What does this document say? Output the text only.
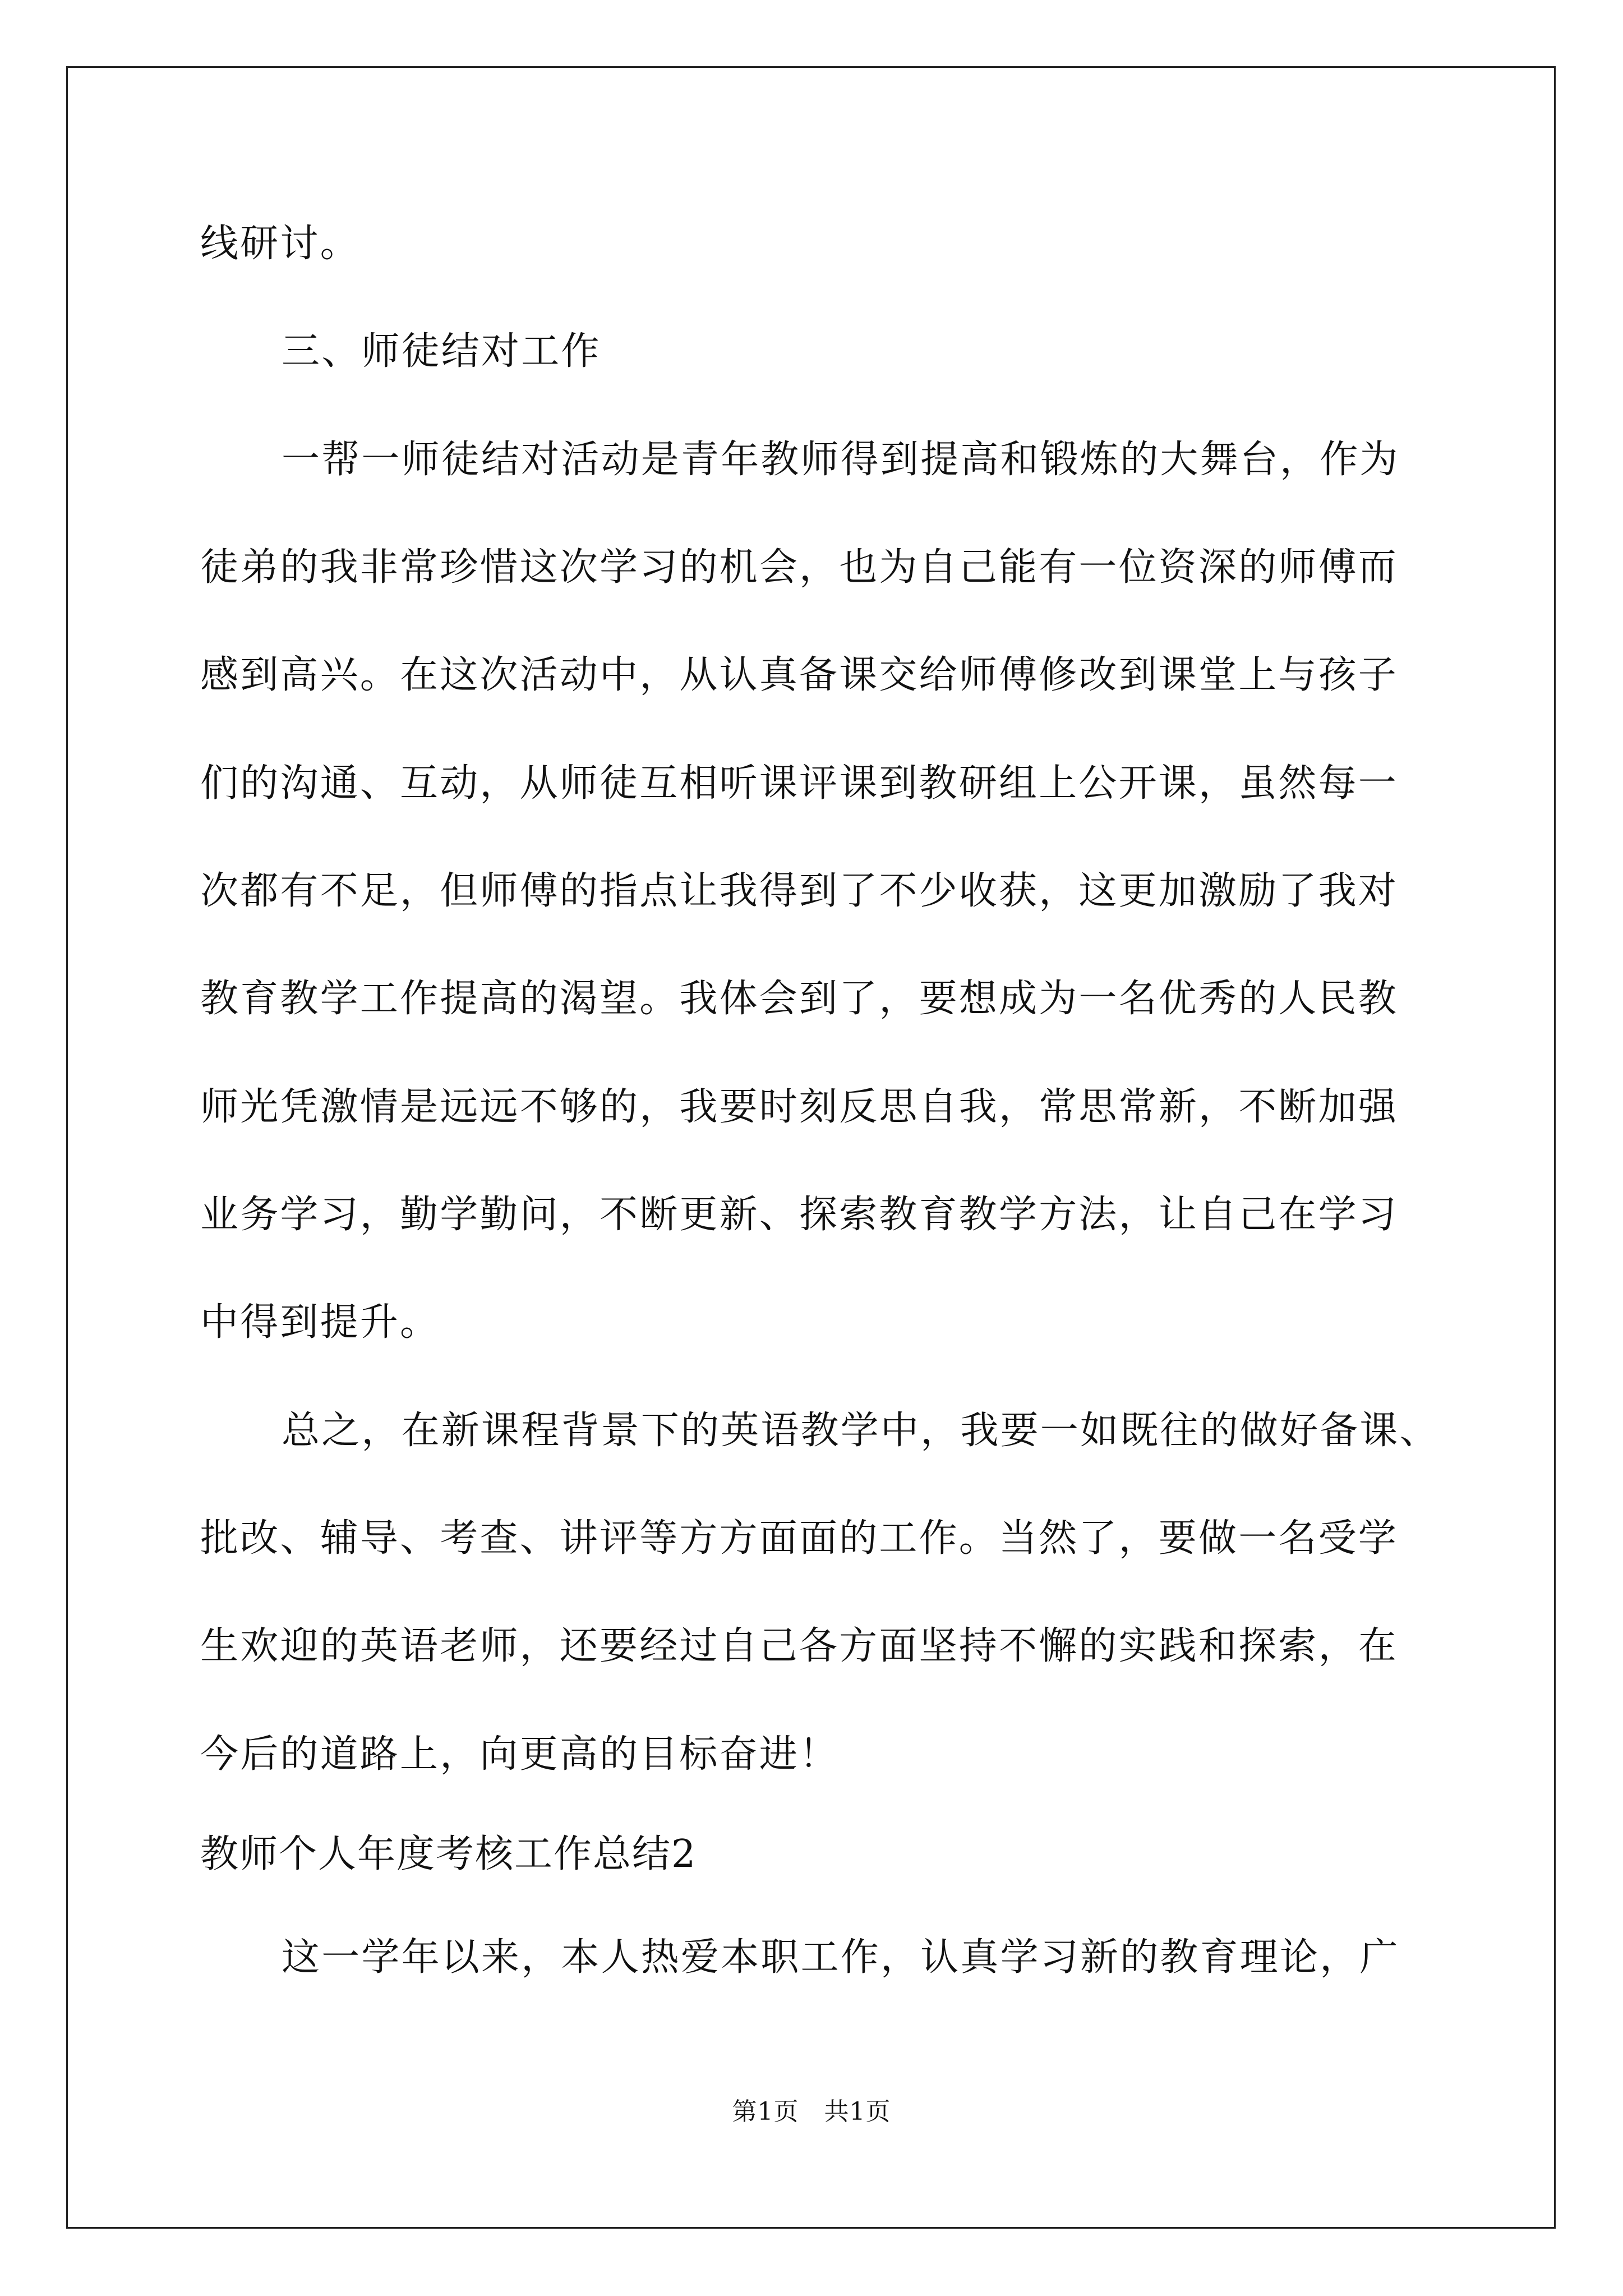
线研讨。
三、师徒结对工作
一帮一师徒结对活动是青年教师得到提高和锻炼的大舞台，作为
徒弟的我非常珍惜这次学习的机会，也为自己能有一位资深的师傅而
感到高兴。在这次活动中，从认真备课交给师傅修改到课堂上与孩子
们的沟通、互动，从师徒互相听课评课到教研组上公开课，虽然每一
次都有不足，但师傅的指点让我得到了不少收获，这更加激励了我对
教育教学工作提高的渴望。我体会到了，要想成为一名优秀的人民教
师光凭激情是远远不够的，我要时刻反思自我，常思常新，不断加强
业务学习，勤学勤问，不断更新、探索教育教学方法，让自己在学习
中得到提升。
总之，在新课程背景下的英语教学中，我要一如既往的做好备课、
批改、辅导、考查、讲评等方方面面的工作。当然了，要做一名受学
生欢迎的英语老师，还要经过自己各方面坚持不懈的实践和探索，在
今后的道路上，向更高的目标奋进！
教师个人年度考核工作总结2
这一学年以来，本人热爱本职工作，认真学习新的教育理论，广
第1页　共1页
